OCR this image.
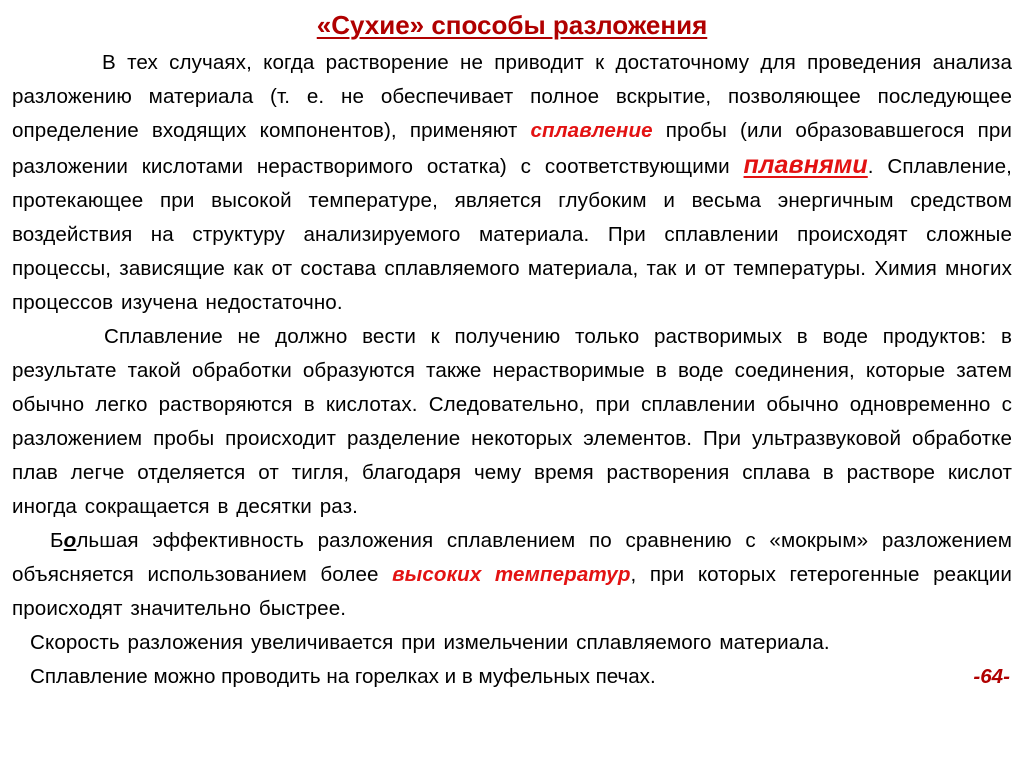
«Сухие» способы разложения

В тех случаях, когда растворение не приводит к достаточному для проведения анализа разложению материала (т. е. не обеспечивает полное вскрытие, позволяющее последующее определение входящих компонентов), применяют сплавление пробы (или образовавшегося при разложении кислотами нерастворимого остатка) с соответствующими плавнями. Сплавление, протекающее при высокой температуре, является глубоким и весьма энергичным средством воздействия на структуру анализируемого материала. При сплавлении происходят сложные процессы, зависящие как от состава сплавляемого материала, так и от температуры. Химия многих процессов изучена недостаточно.

Сплавление не должно вести к получению только растворимых в воде продуктов: в результате такой обработки образуются также нерастворимые в воде соединения, которые затем обычно легко растворяются в кислотах. Следовательно, при сплавлении обычно одновременно с разложением пробы происходит разделение некоторых элементов. При ультразвуковой обработке плав легче отделяется от тигля, благодаря чему время растворения сплава в растворе кислот иногда сокращается в десятки раз.

Большая эффективность разложения сплавлением по сравнению с «мокрым» разложением объясняется использованием более высоких температур, при которых гетерогенные реакции происходят значительно быстрее.

Скорость разложения увеличивается при измельчении сплавляемого материала.

Сплавление можно проводить на горелках и в муфельных печах.	-64-
